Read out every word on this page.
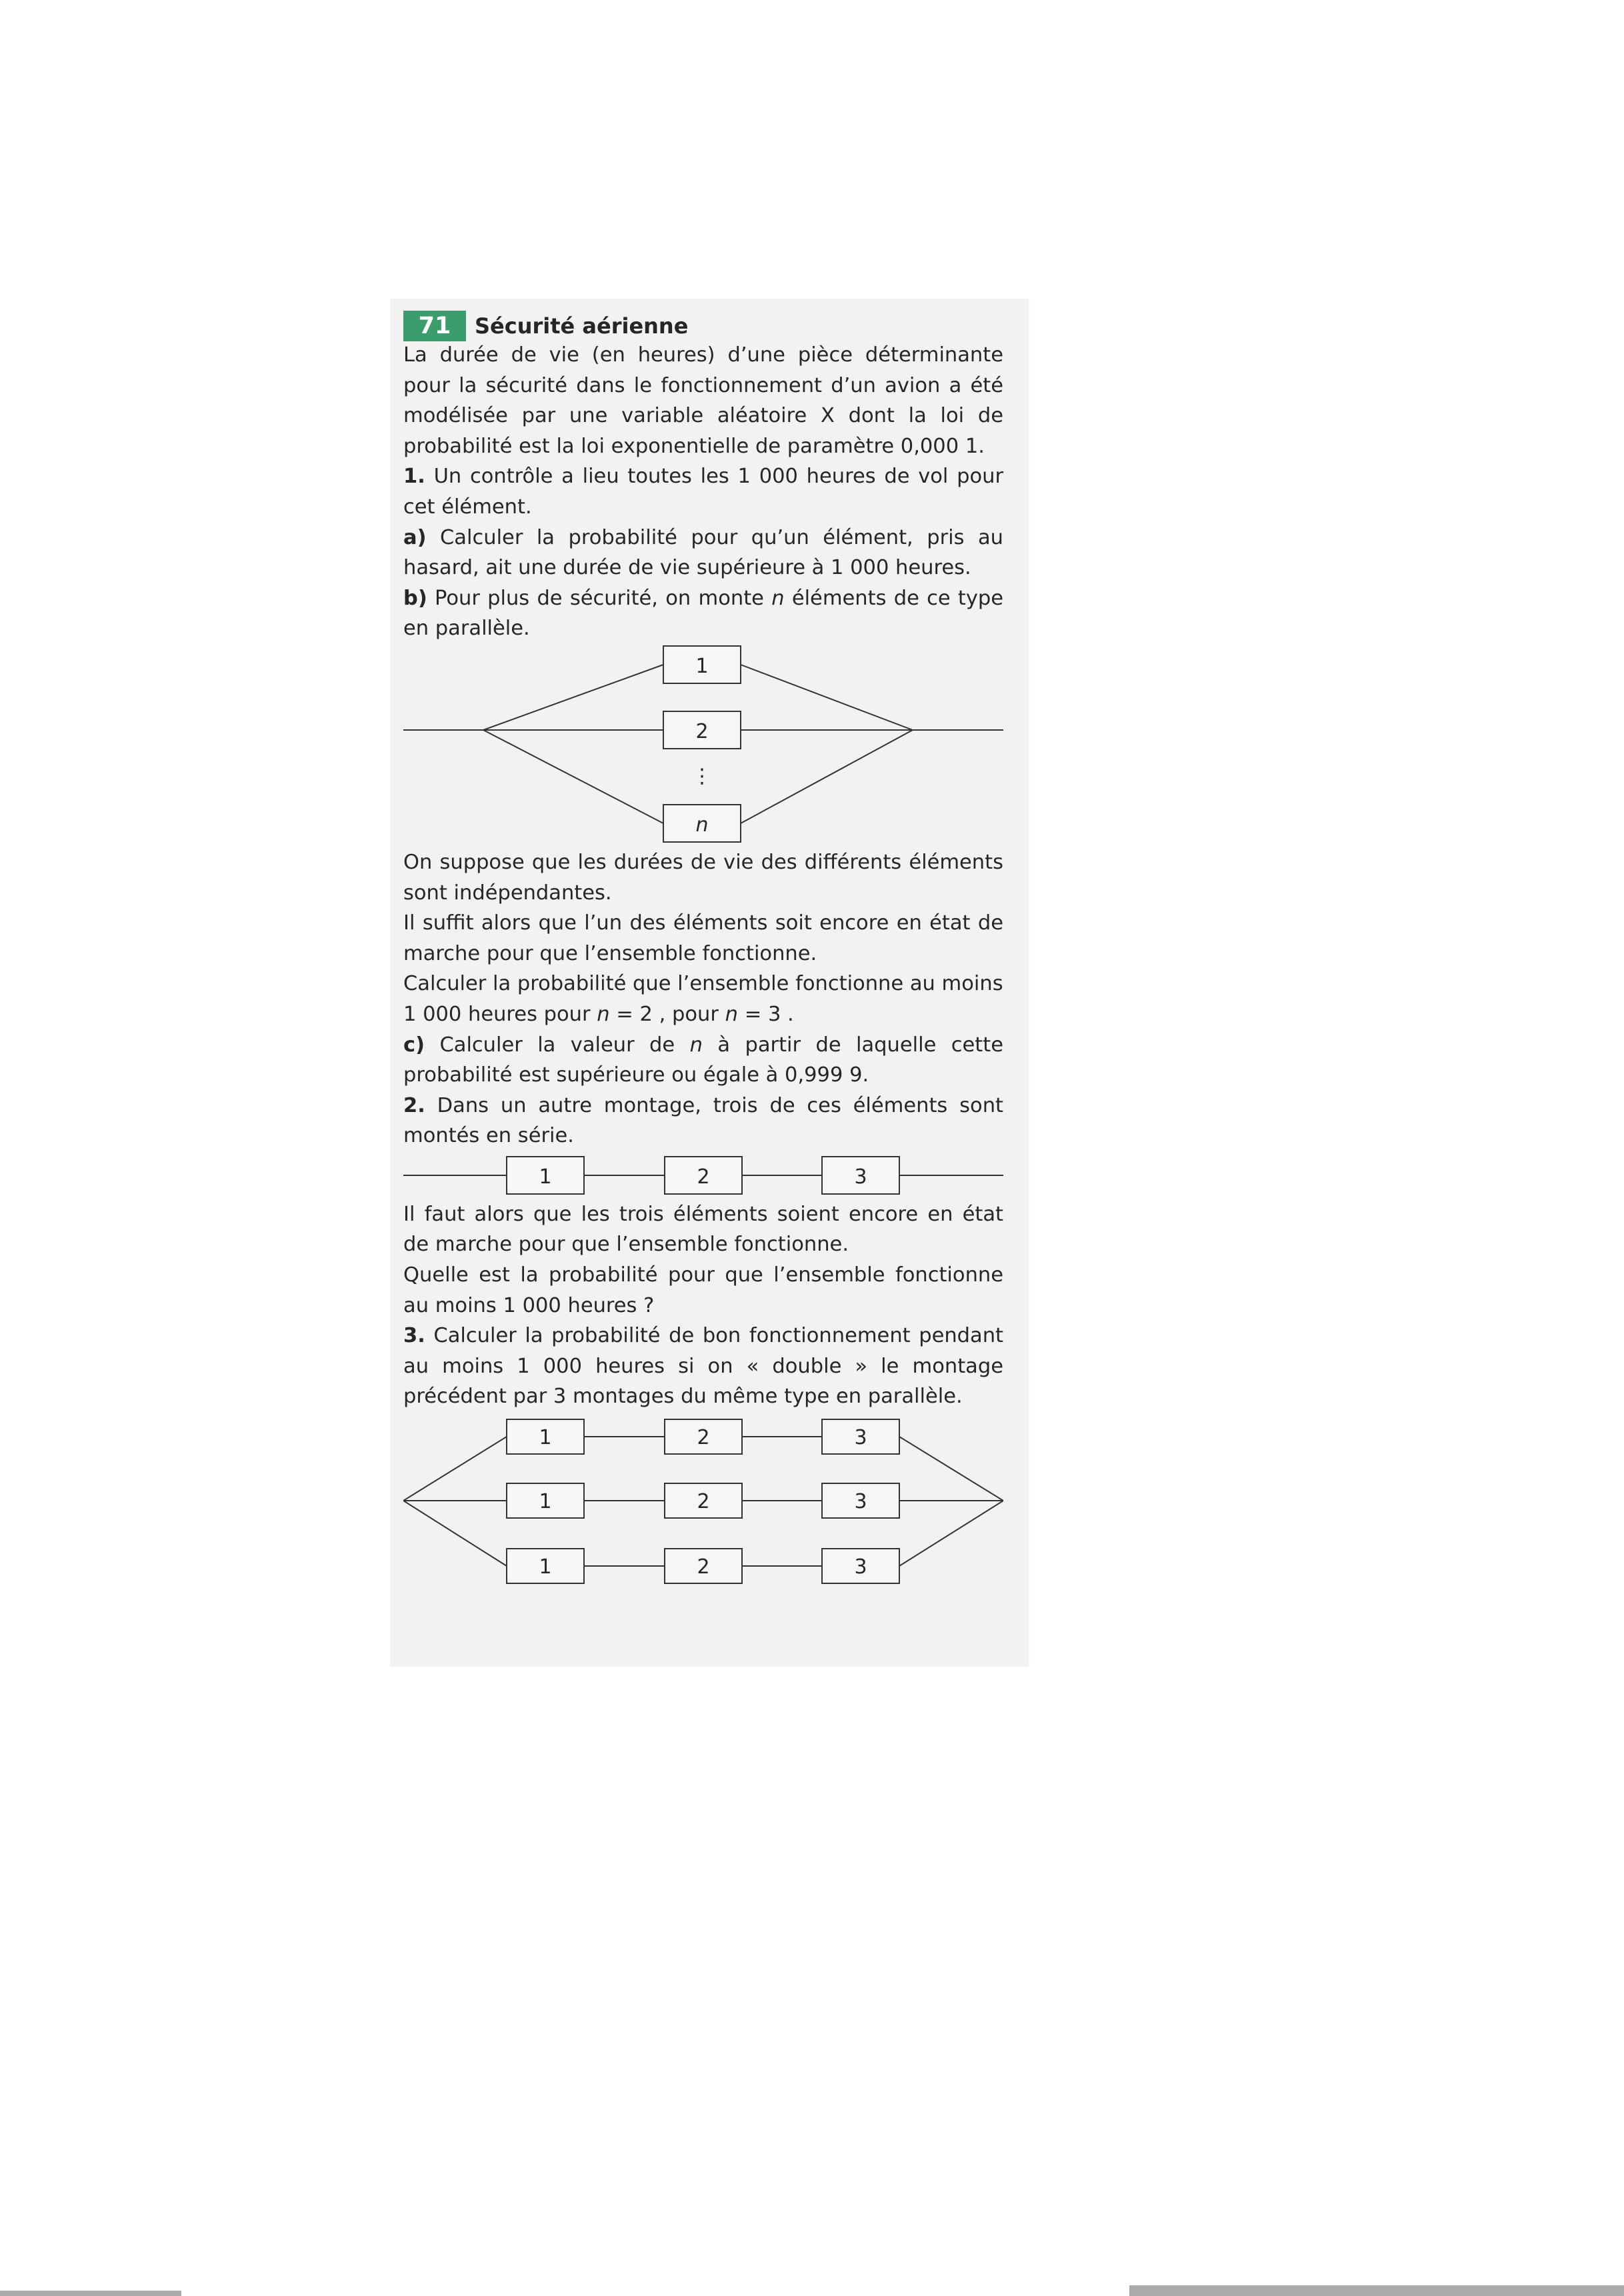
71	Sécurité aérienne

La durée de vie (en heures) d’une pièce déterminante pour la sécurité dans le fonctionnement d’un avion a été modélisée par une variable aléatoire X dont la loi de probabilité est la loi exponentielle de paramètre 0,000 1.

1. Un contrôle a lieu toutes les 1 000 heures de vol pour cet élément.

a) Calculer la probabilité pour qu’un élément, pris au hasard, ait une durée de vie supérieure à 1 000 heures.

b) Pour plus de sécurité, on monte n éléments de ce type en parallèle.

1
2
⋮
n

On suppose que les durées de vie des différents éléments sont indépendantes.

Il suffit alors que l’un des éléments soit encore en état de marche pour que l’ensemble fonctionne.

Calculer la probabilité que l’ensemble fonctionne au moins 1 000 heures pour n = 2 , pour n = 3 .

c) Calculer la valeur de n à partir de laquelle cette probabilité est supérieure ou égale à 0,999 9.

2. Dans un autre montage, trois de ces éléments sont montés en série.

1	2	3

Il faut alors que les trois éléments soient encore en état de marche pour que l’ensemble fonctionne.

Quelle est la probabilité pour que l’ensemble fonctionne au moins 1 000 heures ?

3. Calculer la probabilité de bon fonctionnement pendant au moins 1 000 heures si on « double » le montage précédent par 3 montages du même type en parallèle.

1	2	3
1	2	3
1	2	3
